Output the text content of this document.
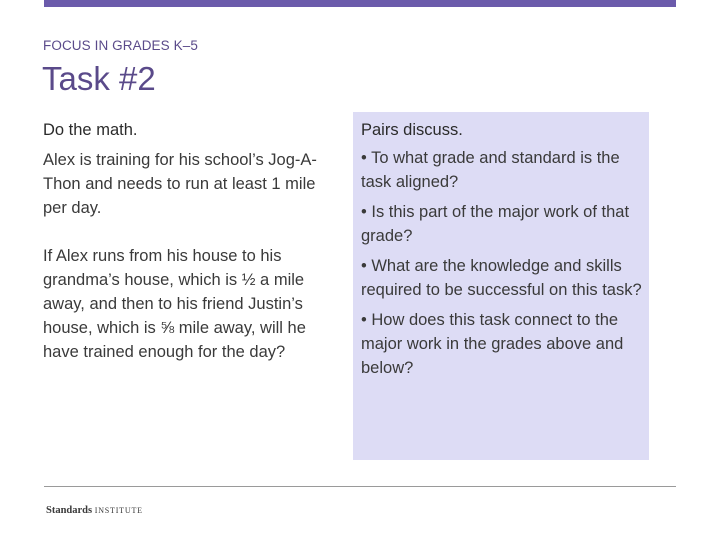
FOCUS IN GRADES K–5
Task #2
Do the math.

Alex is training for his school’s Jog-A-Thon and needs to run at least 1 mile per day.

If Alex runs from his house to his grandma’s house, which is ½ a mile away, and then to his friend Justin’s house, which is ⅝ mile away, will he have trained enough for the day?

Pairs discuss.
• To what grade and standard is the task aligned?
• Is this part of the major work of that grade?
• What are the knowledge and skills required to be successful on this task?
• How does this task connect to the major work in the grades above and below?
Standards INSTITUTE
